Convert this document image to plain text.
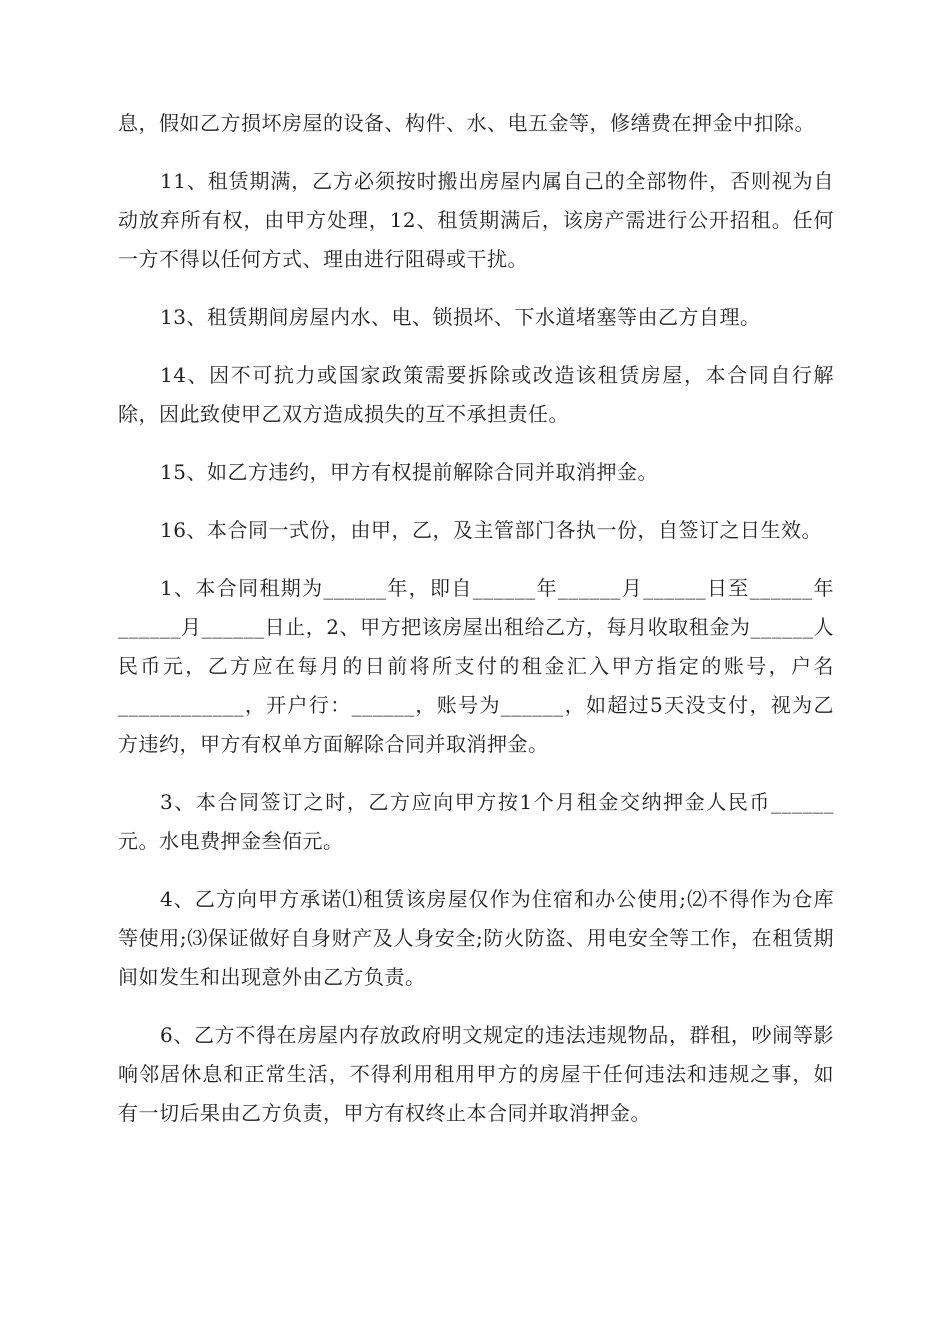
息，假如乙方损坏房屋的设备、构件、水、电五金等，修缮费在押金中扣除。

11、租赁期满，乙方必须按时搬出房屋内属自己的全部物件，否则视为自动放弃所有权，由甲方处理，12、租赁期满后，该房产需进行公开招租。任何一方不得以任何方式、理由进行阻碍或干扰。

13、租赁期间房屋内水、电、锁损坏、下水道堵塞等由乙方自理。

14、因不可抗力或国家政策需要拆除或改造该租赁房屋，本合同自行解除，因此致使甲乙双方造成损失的互不承担责任。

15、如乙方违约，甲方有权提前解除合同并取消押金。

16、本合同一式份，由甲，乙，及主管部门各执一份，自签订之日生效。

1、本合同租期为______年，即自______年______月______日至______年______月______日止，2、甲方把该房屋出租给乙方，每月收取租金为______人民币元，乙方应在每月的日前将所支付的租金汇入甲方指定的账号，户名____________，开户行：______，账号为______，如超过5天没支付，视为乙方违约，甲方有权单方面解除合同并取消押金。

3、本合同签订之时，乙方应向甲方按1个月租金交纳押金人民币______元。水电费押金叁佰元。

4、乙方向甲方承诺⑴租赁该房屋仅作为住宿和办公使用;⑵不得作为仓库等使用;⑶保证做好自身财产及人身安全;防火防盗、用电安全等工作，在租赁期间如发生和出现意外由乙方负责。

6、乙方不得在房屋内存放政府明文规定的违法违规物品，群租，吵闹等影响邻居休息和正常生活，不得利用租用甲方的房屋干任何违法和违规之事，如有一切后果由乙方负责，甲方有权终止本合同并取消押金。
